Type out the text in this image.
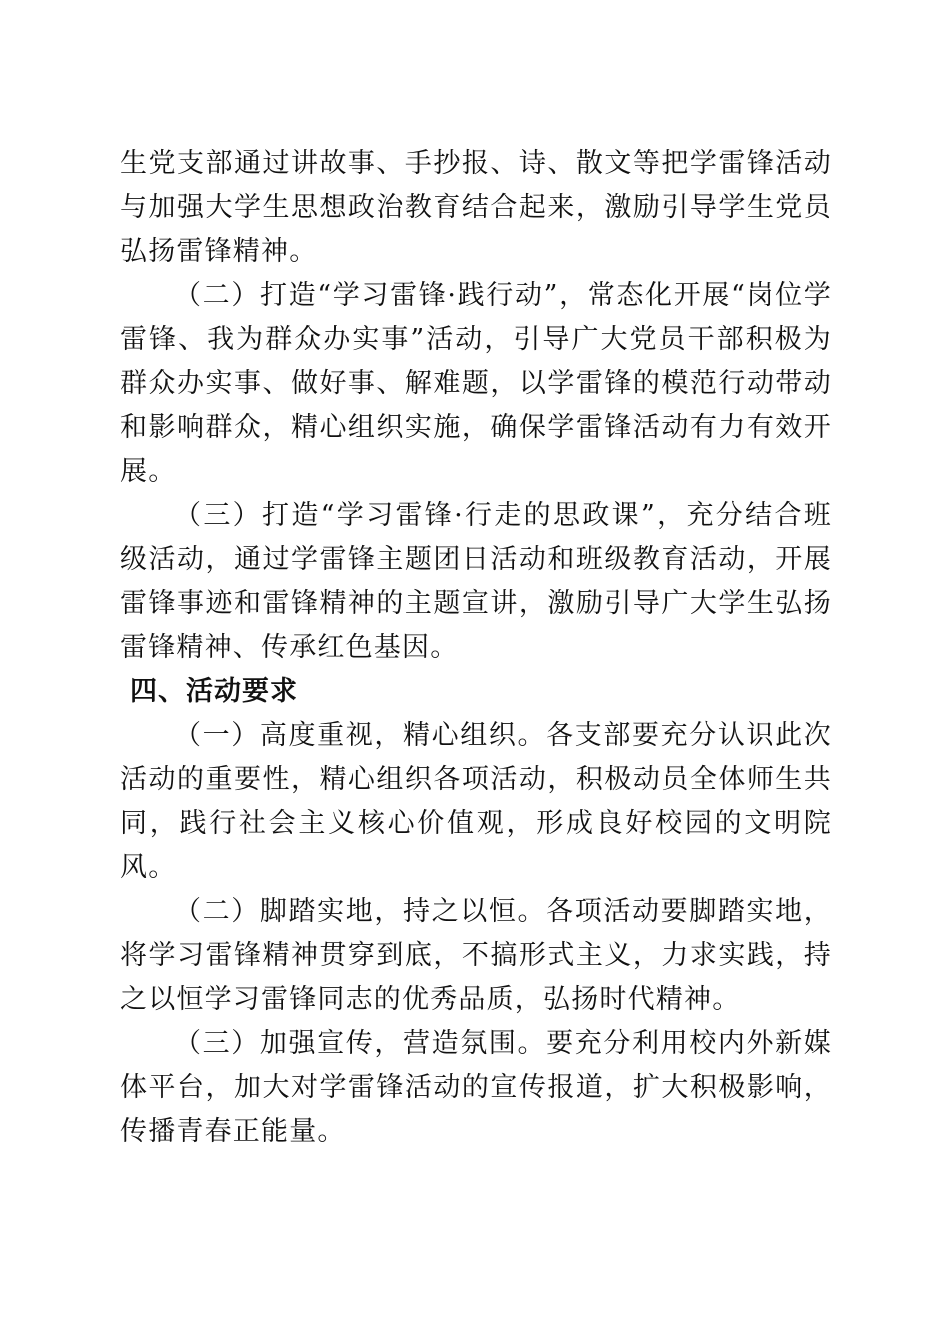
生党支部通过讲故事、手抄报、诗、散文等把学雷锋活动与加强大学生思想政治教育结合起来，激励引导学生党员弘扬雷锋精神。

（二）打造“学习雷锋·践行动”，常态化开展“岗位学雷锋、我为群众办实事”活动，引导广大党员干部积极为群众办实事、做好事、解难题，以学雷锋的模范行动带动和影响群众，精心组织实施，确保学雷锋活动有力有效开展。

（三）打造“学习雷锋·行走的思政课”，充分结合班级活动，通过学雷锋主题团日活动和班级教育活动，开展雷锋事迹和雷锋精神的主题宣讲，激励引导广大学生弘扬雷锋精神、传承红色基因。

四、活动要求

（一）高度重视，精心组织。各支部要充分认识此次活动的重要性，精心组织各项活动，积极动员全体师生共同，践行社会主义核心价值观，形成良好校园的文明院风。

（二）脚踏实地，持之以恒。各项活动要脚踏实地，将学习雷锋精神贯穿到底，不搞形式主义，力求实践，持之以恒学习雷锋同志的优秀品质，弘扬时代精神。

（三）加强宣传，营造氛围。要充分利用校内外新媒体平台，加大对学雷锋活动的宣传报道，扩大积极影响，传播青春正能量。
